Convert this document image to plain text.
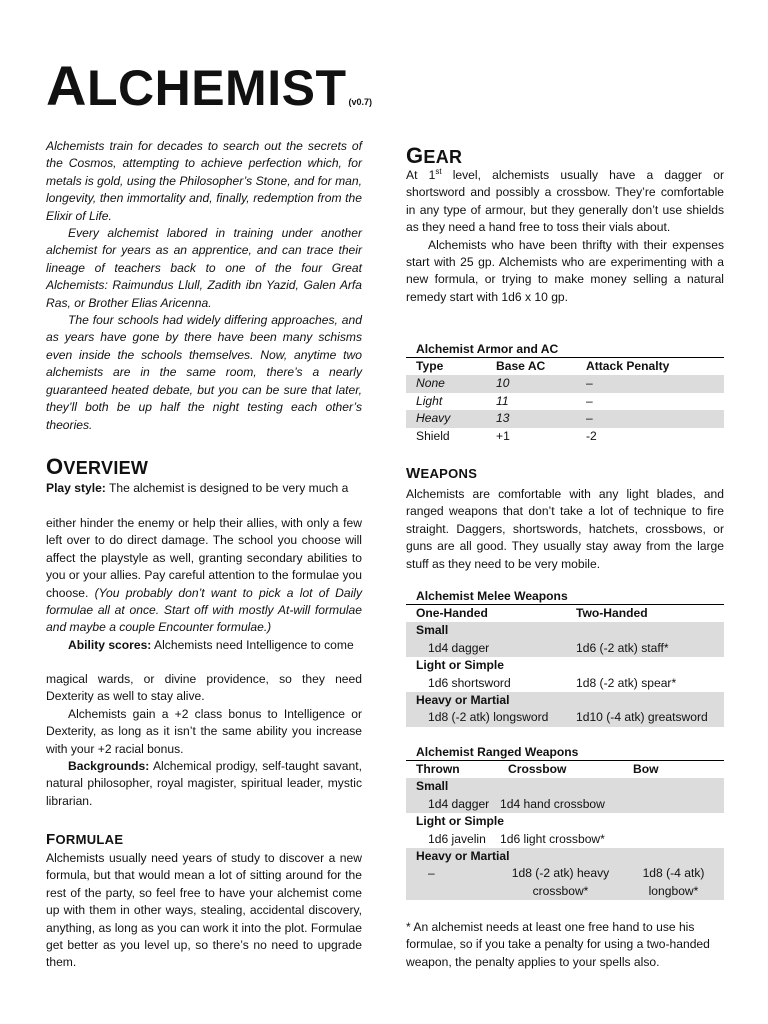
ALCHEMIST (v0.7)

Alchemists train for decades to search out the secrets of the Cosmos, attempting to achieve perfection which, for metals is gold, using the Philosopher’s Stone, and for man, longevity, then immortality and, finally, redemption from the Elixir of Life.

Every alchemist labored in training under another alchemist for years as an apprentice, and can trace their lineage of teachers back to one of the four Great Alchemists: Raimundus Llull, Zadith ibn Yazid, Galen Arfa Ras, or Brother Elias Aricenna.

The four schools had widely differing approaches, and as years have gone by there have been many schisms even inside the schools themselves. Now, anytime two alchemists are in the same room, there’s a nearly guaranteed heated debate, but you can be sure that later, they’ll both be up half the night testing each other’s theories.

OVERVIEW

Play style: The alchemist is designed to be very much a

either hinder the enemy or help their allies, with only a few left over to do direct damage. The school you choose will affect the playstyle as well, granting secondary abilities to you or your allies. Pay careful attention to the formulae you choose. (You probably don’t want to pick a lot of Daily formulae all at once. Start off with mostly At-will formulae and maybe a couple Encounter formulae.)

Ability scores: Alchemists need Intelligence to come

magical wards, or divine providence, so they need Dexterity as well to stay alive.

Alchemists gain a +2 class bonus to Intelligence or Dexterity, as long as it isn’t the same ability you increase with your +2 racial bonus.

Backgrounds: Alchemical prodigy, self-taught savant, natural philosopher, royal magister, spiritual leader, mystic librarian.

FORMULAE

Alchemists usually need years of study to discover a new formula, but that would mean a lot of sitting around for the rest of the party, so feel free to have your alchemist come up with them in other ways, stealing, accidental discovery, anything, as long as you can work it into the plot. Formulae get better as you level up, so there’s no need to upgrade them.

GEAR

At 1st level, alchemists usually have a dagger or shortsword and possibly a crossbow. They’re comfortable in any type of armour, but they generally don’t use shields as they need a hand free to toss their vials about.

Alchemists who have been thrifty with their expenses start with 25 gp. Alchemists who are experimenting with a new formula, or trying to make money selling a natural remedy start with 1d6 x 10 gp.

Alchemist Armor and AC
Type	Base AC	Attack Penalty
None	10	–
Light	11	–
Heavy	13	–
Shield	+1	-2
WEAPONS

Alchemists are comfortable with any light blades, and ranged weapons that don’t take a lot of technique to fire straight. Daggers, shortswords, hatchets, crossbows, or guns are all good. They usually stay away from the large stuff as they need to be very mobile.

Alchemist Melee Weapons
One-Handed	Two-Handed
Small	
1d4 dagger	1d6 (-2 atk) staff*
Light or Simple	
1d6 shortsword	1d8 (-2 atk) spear*
Heavy or Martial	
1d8 (-2 atk) longsword	1d10 (-4 atk) greatsword
Alchemist Ranged Weapons
Thrown	Crossbow	Bow
Small		
1d4 dagger	1d4 hand crossbow	
Light or Simple		
1d6 javelin	1d6 light crossbow*	
Heavy or Martial		
–	1d8 (-2 atk) heavy	1d8 (-4 atk)
	crossbow*	longbow*

* An alchemist needs at least one free hand to use his formulae, so if you take a penalty for using a two-handed weapon, the penalty applies to your spells also.
